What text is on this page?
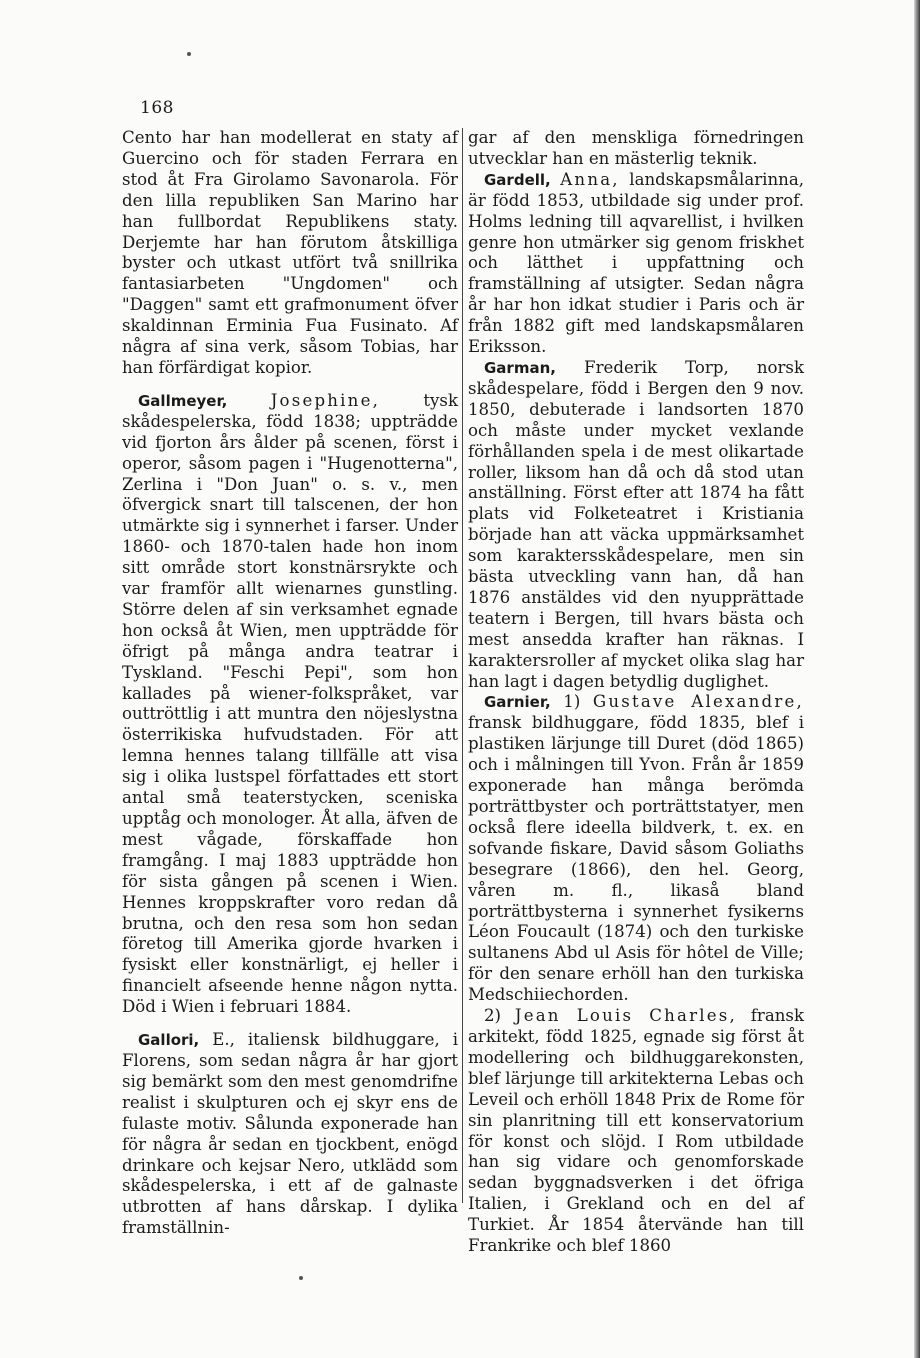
168

Cento har han modellerat en staty af Guercino och för staden Ferrara en stod åt Fra Girolamo Savonarola. För den lilla republiken San Marino har han fullbordat Republikens staty. Derjemte har han förutom åtskilliga byster och utkast utfört två snillrika fantasiarbeten "Ungdomen" och "Daggen" samt ett grafmonument öfver skaldinnan Erminia Fua Fusinato. Af några af sina verk, såsom Tobias, har han förfärdigat kopior.

Gallmeyer,	Josephine, tysk skådespelerska, född 1838; uppträdde vid fjorton års ålder på scenen, först i operor, såsom pagen i "Hugenotterna", Zerlina i "Don Juan" o. s. v., men öfvergick snart till talscenen, der hon utmärkte sig i synnerhet i farser. Under 1860- och 1870-talen hade hon inom sitt område stort konstnärsrykte och var framför allt wienarnes gunstling. Större delen af sin verksamhet egnade hon också åt Wien, men uppträdde för öfrigt på många andra teatrar i Tyskland. "Feschi Pepi", som hon kallades på wiener-folkspråket, var outtröttlig i att muntra den nöjeslystna österrikiska hufvudstaden. För att lemna hennes talang tillfälle att visa sig i olika lustspel författades ett stort antal små teaterstycken, sceniska upptåg och monologer. Åt alla, äfven de mest vågade, förskaffade hon framgång. I maj 1883 uppträdde hon för sista gången på scenen i Wien. Hennes kroppskrafter voro redan då brutna, och den resa som hon sedan företog till Amerika gjorde hvarken i fysiskt eller konstnärligt, ej heller i financielt afseende henne någon nytta. Död i Wien i februari 1884.

Gallori, E., italiensk bildhuggare, i Florens, som sedan några år har gjort sig bemärkt som den mest genomdrifne realist i skulpturen och ej skyr ens de fulaste motiv. Sålunda exponerade han för några år sedan en tjockbent, enögd drinkare och kejsar Nero, utklädd som skådespelerska, i ett af de galnaste utbrotten af hans dårskap. I dylika framställnin-

gar af den menskliga förnedringen utvecklar han en mästerlig teknik.

Gardell, Anna, landskapsmålarinna, är född 1853, utbildade sig under prof. Holms ledning till aqvarellist, i hvilken genre hon utmärker sig genom friskhet och lätthet i uppfattning och framställning af utsigter. Sedan några år har hon idkat studier i Paris och är från 1882 gift med landskapsmålaren Eriksson.

Garman, Frederik Torp, norsk skådespelare, född i Bergen den 9 nov. 1850, debuterade i landsorten 1870 och måste under mycket vexlande förhållanden spela i de mest olikartade roller, liksom han då och då stod utan anställning. Först efter att 1874 ha fått plats vid Folketeatret i Kristiania började han att väcka uppmärksamhet som karaktersskådespelare, men sin bästa utveckling vann han, då han 1876 anstäldes vid den nyupprättade teatern i Bergen, till hvars bästa och mest ansedda krafter han räknas. I karaktersroller af mycket olika slag har han lagt i dagen betydlig duglighet.

Garnier, 1) Gustave Alexandre, fransk bildhuggare, född 1835, blef i plastiken lärjunge till Duret (död 1865) och i målningen till Yvon. Från år 1859 exponerade han många berömda porträttbyster och porträttstatyer, men också flere ideella bildverk, t. ex. en sofvande fiskare, David såsom Goliaths besegrare (1866), den hel. Georg, våren m. fl., likaså bland porträttbysterna i synnerhet fysikerns Léon Foucault (1874) och den turkiske sultanens Abd ul Asis för hôtel de Ville; för den senare erhöll han den turkiska Medschiiechorden.

2) Jean Louis Charles, fransk arkitekt, född 1825, egnade sig först åt modellering och bildhuggarekonsten, blef lärjunge till arkitekterna Lebas och Leveil och erhöll 1848 Prix de Rome för sin planritning till ett konservatorium för konst och slöjd. I Rom utbildade han sig vidare och genomforskade sedan byggnadsverken i det öfriga Italien, i Grekland och en del af Turkiet. År 1854 återvände han till Frankrike och blef 1860
